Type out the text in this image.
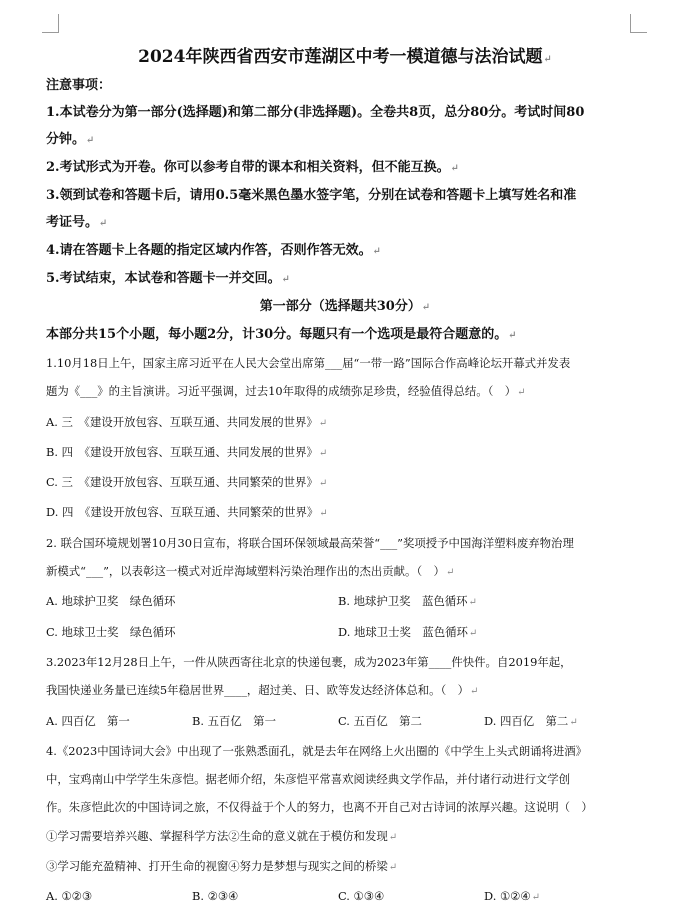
2024年陕西省西安市莲湖区中考一模道德与法治试题↵
注意事项：
1.本试卷分为第一部分(选择题)和第二部分(非选择题)。全卷共8页，总分80分。考试时间80
分钟。↵
2.考试形式为开卷。你可以参考自带的课本和相关资料，但不能互换。↵
3.领到试卷和答题卡后，请用0.5毫米黑色墨水签字笔，分别在试卷和答题卡上填写姓名和准
考证号。↵
4.请在答题卡上各题的指定区域内作答，否则作答无效。↵
5.考试结束，本试卷和答题卡一并交回。↵
第一部分（选择题共30分）↵
本部分共15个小题，每小题2分，计30分。每题只有一个选项是最符合题意的。↵
1.10月18日上午，国家主席习近平在人民大会堂出席第___届“一带一路”国际合作高峰论坛开幕式并发表
题为《___》的主旨演讲。习近平强调，过去10年取得的成绩弥足珍贵，经验值得总结。（　）↵
A. 三　《建设开放包容、互联互通、共同发展的世界》↵
B. 四　《建设开放包容、互联互通、共同发展的世界》↵
C. 三　《建设开放包容、互联互通、共同繁荣的世界》↵
D. 四　《建设开放包容、互联互通、共同繁荣的世界》↵
2. 联合国环境规划署10月30日宣布，将联合国环保领域最高荣誉“___”奖项授予中国海洋塑料废弃物治理
新模式“___”，以表彰这一模式对近岸海域塑料污染治理作出的杰出贡献。（　）↵
A. 地球护卫奖　绿色循环	B. 地球护卫奖　蓝色循环↵
C. 地球卫士奖　绿色循环	D. 地球卫士奖　蓝色循环↵
3.2023年12月28日上午，一件从陕西寄往北京的快递包裹，成为2023年第____件快件。自2019年起，
我国快递业务量已连续5年稳居世界____，超过美、日、欧等发达经济体总和。（　）↵
A. 四百亿　第一	B. 五百亿　第一	C. 五百亿　第二	D. 四百亿　第二↵
4.《2023中国诗词大会》中出现了一张熟悉面孔，就是去年在网络上火出圈的《中学生上头式朗诵将进酒》
中，宝鸡南山中学学生朱彦恺。据老师介绍，朱彦恺平常喜欢阅读经典文学作品，并付诸行动进行文学创
作。朱彦恺此次的中国诗词之旅，不仅得益于个人的努力，也离不开自己对古诗词的浓厚兴趣。这说明（　）
①学习需要培养兴趣、掌握科学方法②生命的意义就在于模仿和发现↵
③学习能充盈精神、打开生命的视窗④努力是梦想与现实之间的桥梁↵
A. ①②③	B. ②③④	C. ①③④	D. ①②④↵
